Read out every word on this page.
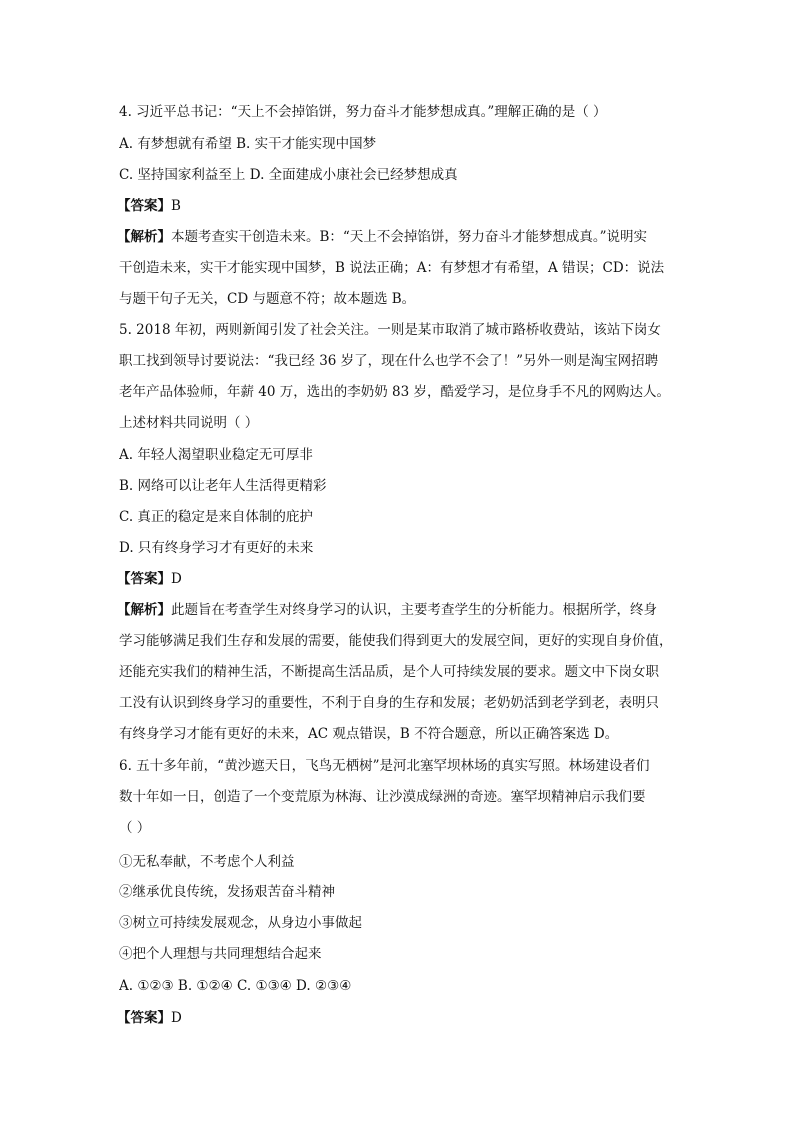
4. 习近平总书记：“天上不会掉馅饼，努力奋斗才能梦想成真。”理解正确的是（ ）
A. 有梦想就有希望 B. 实干才能实现中国梦
C. 坚持国家利益至上 D. 全面建成小康社会已经梦想成真
【答案】B
【解析】本题考查实干创造未来。B：“天上不会掉馅饼，努力奋斗才能梦想成真。”说明实
干创造未来，实干才能实现中国梦，B 说法正确；A：有梦想才有希望，A 错误；CD：说法
与题干句子无关，CD 与题意不符；故本题选 B。
5. 2018 年初，两则新闻引发了社会关注。一则是某市取消了城市路桥收费站，该站下岗女
职工找到领导讨要说法：“我已经 36 岁了，现在什么也学不会了！”另外一则是淘宝网招聘
老年产品体验师，年薪 40 万，选出的李奶奶 83 岁，酷爱学习，是位身手不凡的网购达人。
上述材料共同说明（ ）
A. 年轻人渴望职业稳定无可厚非
B. 网络可以让老年人生活得更精彩
C. 真正的稳定是来自体制的庇护
D. 只有终身学习才有更好的未来
【答案】D
【解析】此题旨在考查学生对终身学习的认识，主要考查学生的分析能力。根据所学，终身
学习能够满足我们生存和发展的需要，能使我们得到更大的发展空间，更好的实现自身价值，
还能充实我们的精神生活，不断提高生活品质，是个人可持续发展的要求。题文中下岗女职
工没有认识到终身学习的重要性，不利于自身的生存和发展；老奶奶活到老学到老，表明只
有终身学习才能有更好的未来，AC 观点错误，B 不符合题意，所以正确答案选 D。
6. 五十多年前，“黄沙遮天日，飞鸟无栖树”是河北塞罕坝林场的真实写照。林场建设者们
数十年如一日，创造了一个变荒原为林海、让沙漠成绿洲的奇迹。塞罕坝精神启示我们要
（ ）
①无私奉献，不考虑个人利益
②继承优良传统，发扬艰苦奋斗精神
③树立可持续发展观念，从身边小事做起
④把个人理想与共同理想结合起来
A. ①②③ B. ①②④ C. ①③④ D. ②③④
【答案】D
